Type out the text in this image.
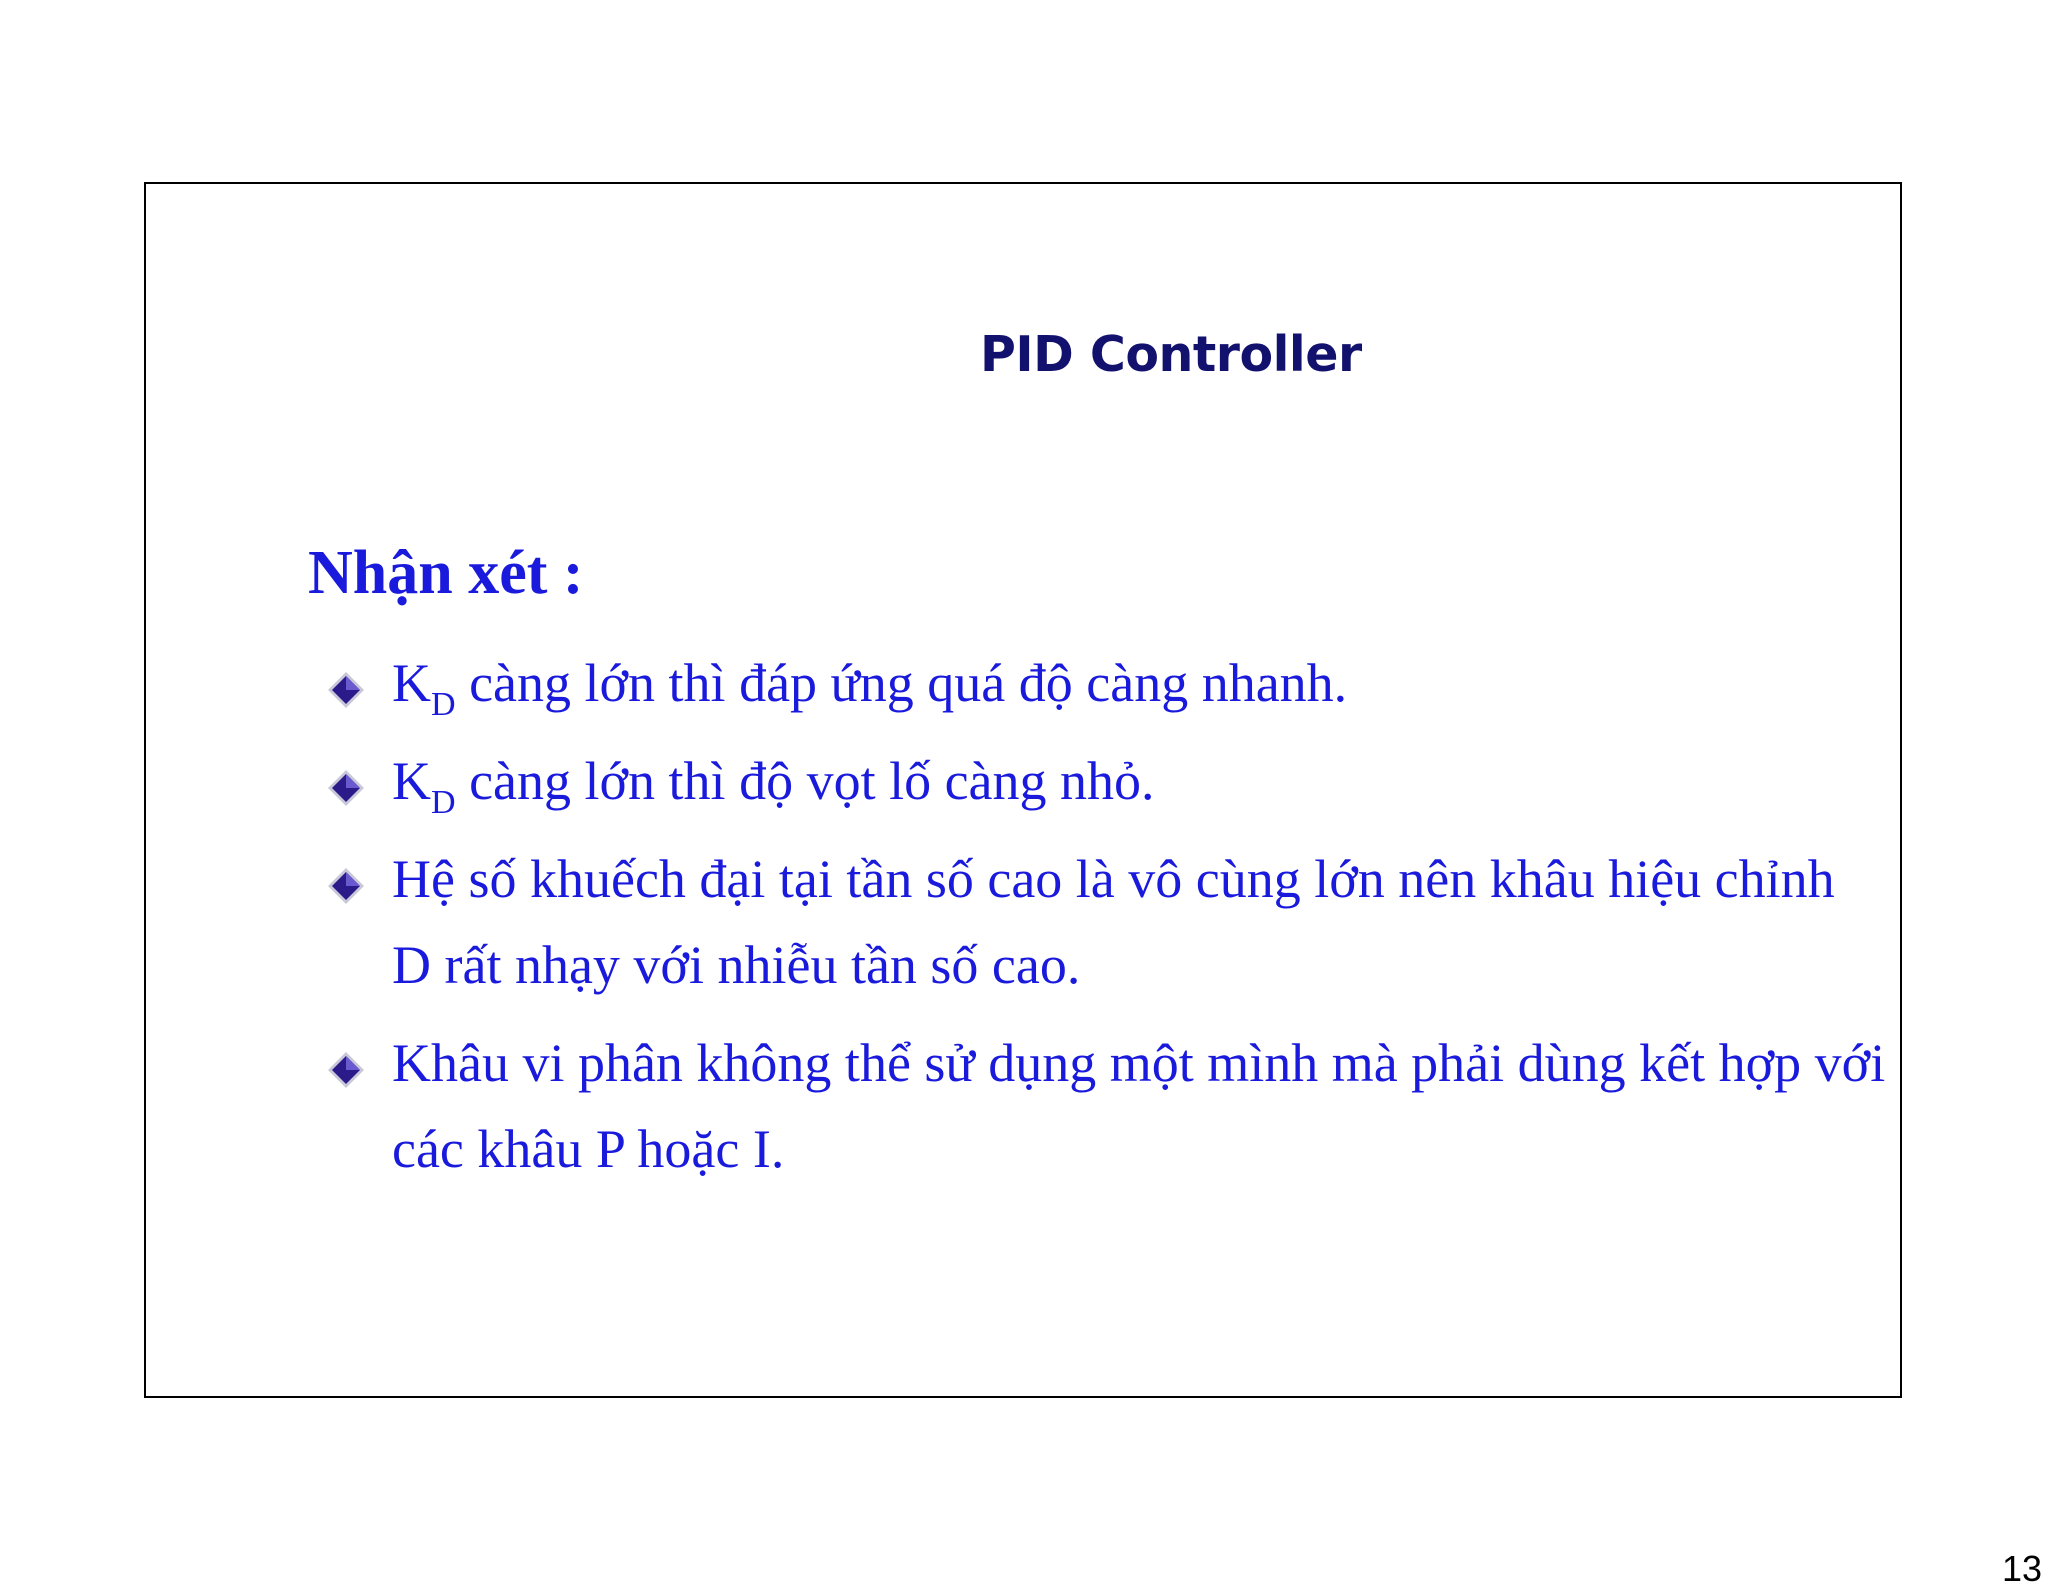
PID Controller
Nhận xét :
$K_D$ càng lớn thì đáp ứng quá độ càng nhanh.
$K_D$ càng lớn thì độ vọt lố càng nhỏ.
Hệ số khuếch đại tại tần số cao là vô cùng lớn nên khâu hiệu chỉnh D rất nhạy với nhiễu tần số cao.
Khâu vi phân không thể sử dụng một mình mà phải dùng kết hợp với các khâu P hoặc I.
13
